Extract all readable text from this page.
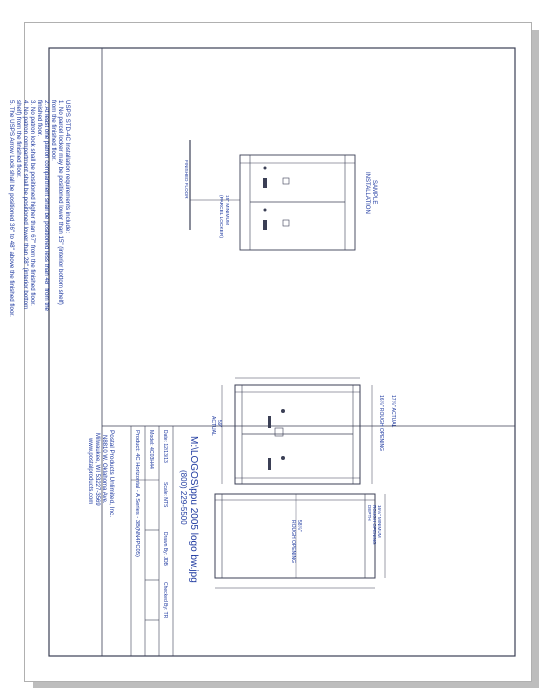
USPS STD-4C Installation requirements include:
1. No parcel locker may be positioned lower than 15" (interior bottom shelf)
from the finished floor.
2. At least one patron compartment shall be positioned less than 48" from the
finished floor.
3. No patron lock shall be positioned higher than 67" from the finished floor.
4. No patron compartment shall be positioned lower than 28" (interior bottom
shelf) from the finished floor.
5. The USPS Arrow Lock shall be positioned 36" to 48" above the finished floor.
Postal Products Unlimited, Inc.
N8810 W. Oklahoma Ave.
Milwaukee, WI 53227-3569
www.postalproducts.com	Product: 4C Horizontal - A Series - 3B(NN4PC05) Model: 4C03H44 Date: 12/13/13
Scale: NTS
Drawn By: JDB
Checked By: TR
(800) 229-5500 M:\LOGOS\ppu 2005 logo bw.jpg
SAMPLE
INSTALLATION
FINISHED FLOOR
15" MINIMUM
(PARCEL LOCKER)
59"
ACTUAL	16⅞" ROUGH OPENING 17⅞" ACTUAL
16⅛" MINIMUM
ROUGH OPENING
DEPTH
58⅞"
ROUGH OPENING
